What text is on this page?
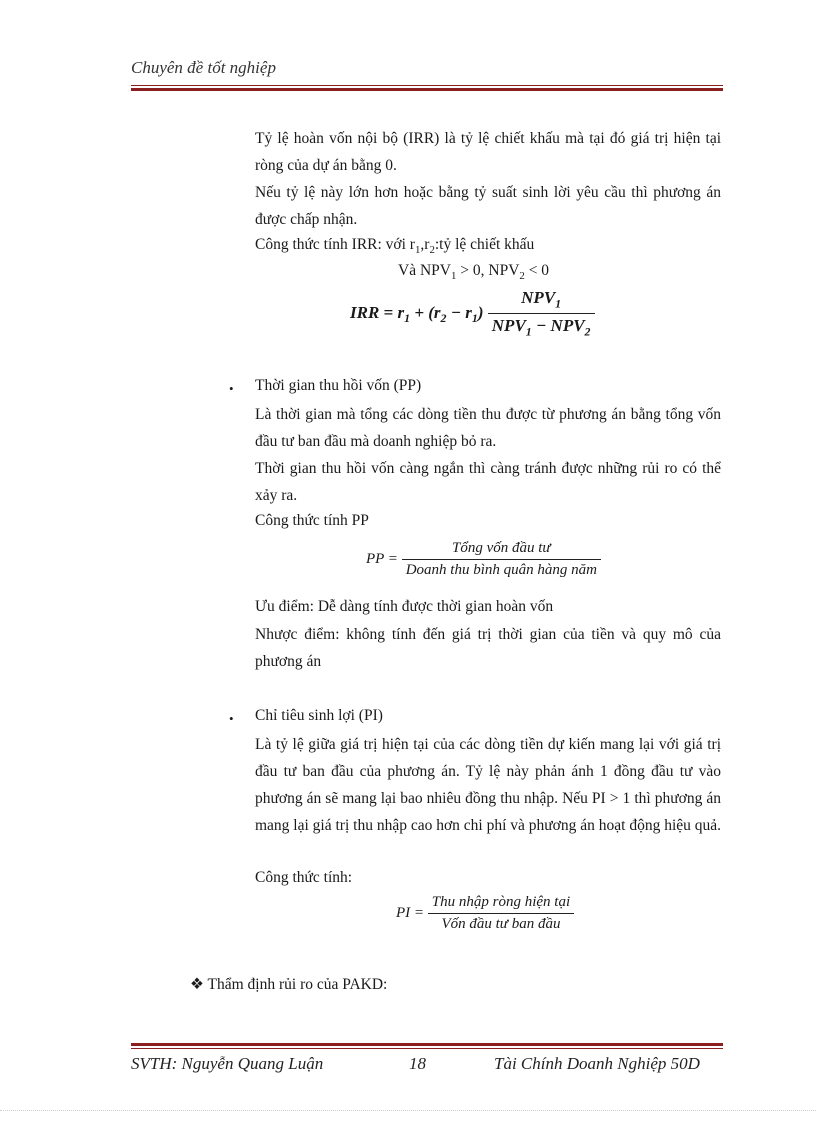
Chuyên đề tốt nghiệp
Tỷ lệ hoàn vốn nội bộ (IRR) là tỷ lệ chiết khấu mà tại đó giá trị hiện tại ròng của dự án bằng 0.
Nếu tỷ lệ này lớn hơn hoặc bằng tỷ suất sinh lời yêu cầu thì phương án được chấp nhận.
Công thức tính IRR: với $r_1,r_2:tỷ$ lệ chiết khấu
Và $NPV_1 > 0$, $NPV_2 < 0$
IRR = $r_1 + (r_2 - r_1) \frac{NPV_1}{NPV_1 - NPV_2}$
• Thời gian thu hồi vốn (PP)
Là thời gian mà tổng các dòng tiền thu được từ phương án bằng tổng vốn đầu tư ban đầu mà doanh nghiệp bỏ ra.
Thời gian thu hồi vốn càng ngắn thì càng tránh được những rủi ro có thể xảy ra.
Công thức tính PP
PP = $\frac{\text{Tổng vốn đầu tư}}{\text{Doanh thu bình quân hàng năm}}$
Ưu điểm: Dễ dàng tính được thời gian hoàn vốn
Nhược điểm: không tính đến giá trị thời gian của tiền và quy mô của phương án
• Chỉ tiêu sinh lợi (PI)
Là tỷ lệ giữa giá trị hiện tại của các dòng tiền dự kiến mang lại với giá trị đầu tư ban đầu của phương án. Tỷ lệ này phản ánh 1 đồng đầu tư vào phương án sẽ mang lại bao nhiêu đồng thu nhập. Nếu PI > 1 thì phương án mang lại giá trị thu nhập cao hơn chi phí và phương án hoạt động hiệu quả.
Công thức tính:
PI = $\frac{\text{Thu nhập ròng hiện tại}}{\text{Vốn đầu tư ban đầu}}$
❖ Thẩm định rủi ro của PAKD:
SVTH: Nguyễn Quang Luận	18	Tài Chính Doanh Nghiệp 50D
